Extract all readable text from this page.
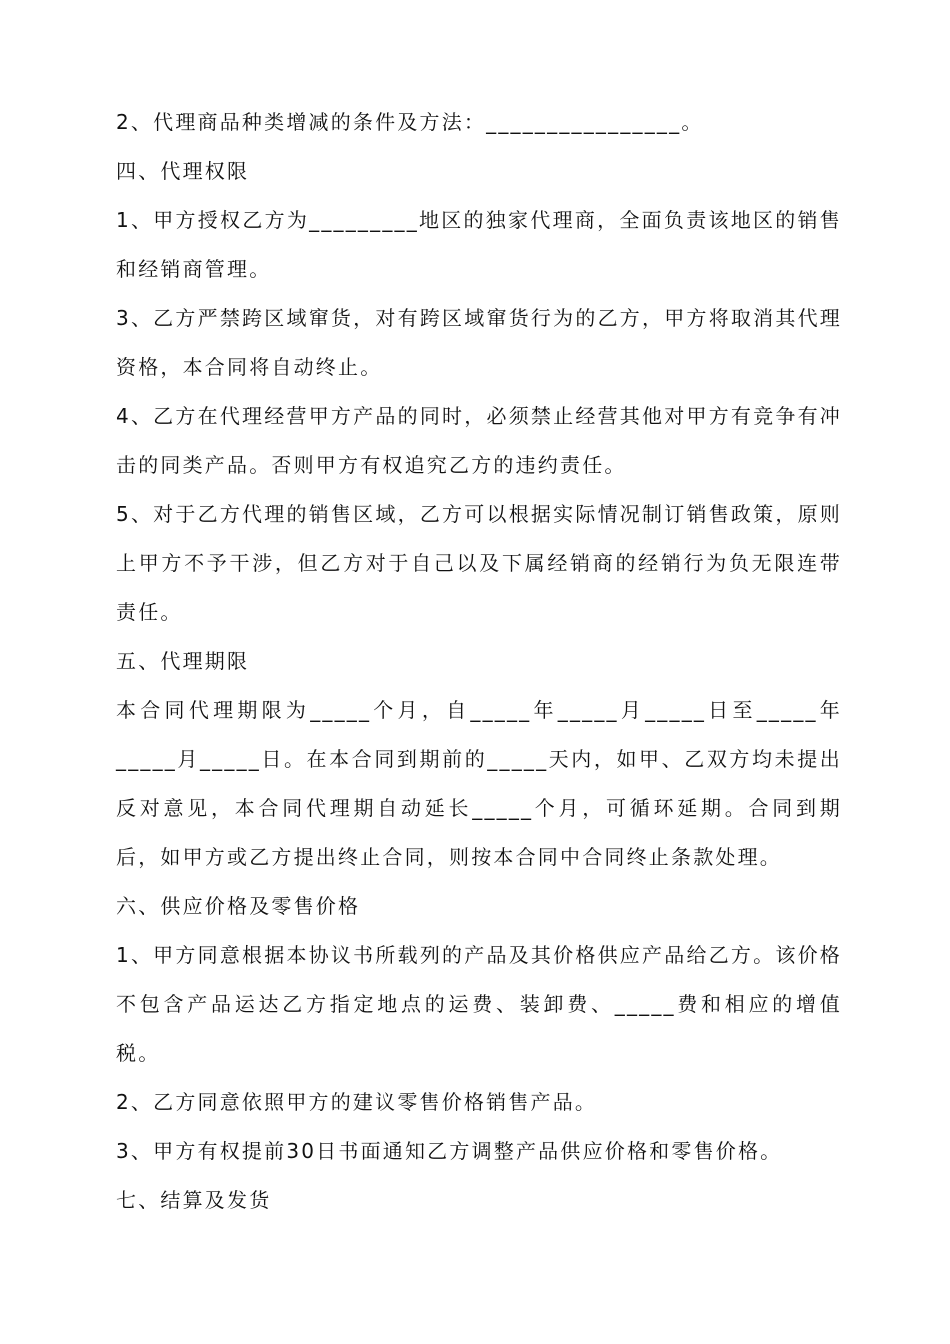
2、代理商品种类增减的条件及方法：________________。

四、代理权限

1、甲方授权乙方为_________地区的独家代理商，全面负责该地区的销售和经销商管理。

3、乙方严禁跨区域窜货，对有跨区域窜货行为的乙方，甲方将取消其代理资格，本合同将自动终止。

4、乙方在代理经营甲方产品的同时，必须禁止经营其他对甲方有竞争有冲击的同类产品。否则甲方有权追究乙方的违约责任。

5、对于乙方代理的销售区域，乙方可以根据实际情况制订销售政策，原则上甲方不予干涉，但乙方对于自己以及下属经销商的经销行为负无限连带责任。

五、代理期限

本合同代理期限为_____个月，自_____年_____月_____日至_____年_____月_____日。在本合同到期前的_____天内，如甲、乙双方均未提出反对意见，本合同代理期自动延长_____个月，可循环延期。合同到期后，如甲方或乙方提出终止合同，则按本合同中合同终止条款处理。

六、供应价格及零售价格

1、甲方同意根据本协议书所载列的产品及其价格供应产品给乙方。该价格不包含产品运达乙方指定地点的运费、装卸费、_____费和相应的增值税。

2、乙方同意依照甲方的建议零售价格销售产品。

3、甲方有权提前30日书面通知乙方调整产品供应价格和零售价格。

七、结算及发货
